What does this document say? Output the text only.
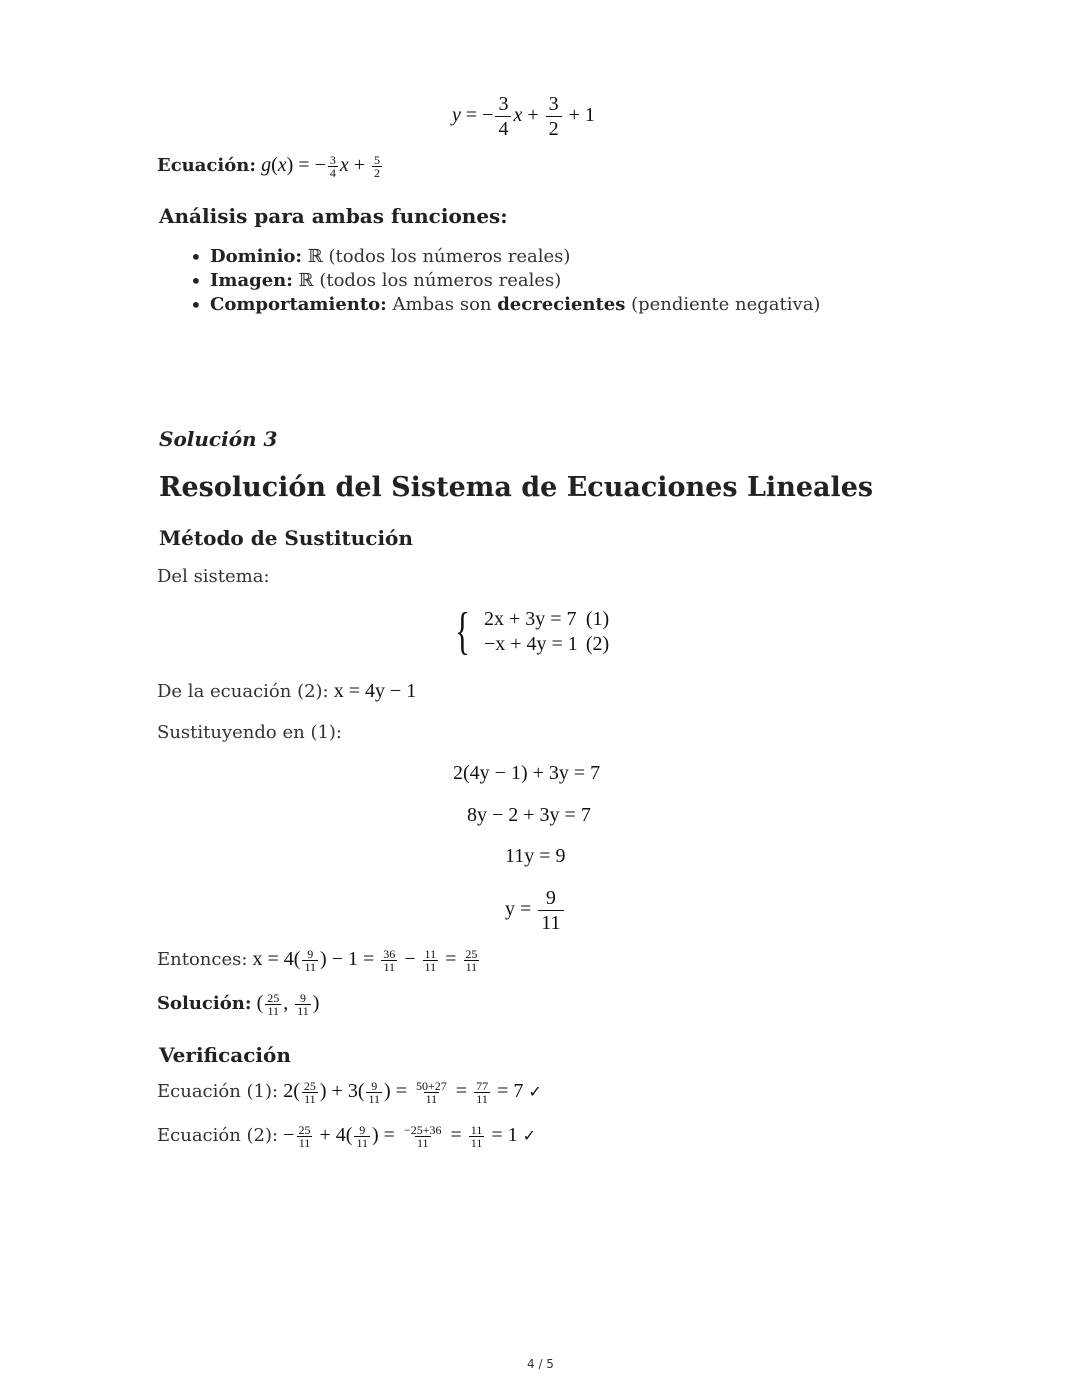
y = − $\frac{3}{4}$ $x + \frac{3}{2} + 1$
Ecuación: g(x) = − $\frac{3}{4}$ $x + \frac{5}{2}$
Análisis para ambas funciones:
• Dominio: ℝ (todos los números reales)
• Imagen: ℝ (todos los números reales)
• Comportamiento: Ambas son decrecientes (pendiente negativa)
Solución 3
Resolución del Sistema de Ecuaciones Lineales
Método de Sustitución
Del sistema:
{ 2x + 3y = 7	(1)
−x + 4y = 1	(2)
De la ecuación (2): x = 4y − 1
Sustituyendo en (1):
2(4y − 1) + 3y = 7
8y − 2 + 3y = 7
11y = 9
$y = \frac{9}{11}$
Entonces: $x = 4( \frac{9}{11}$ ) − $1 = \frac{36}{11} - \frac{11}{11} = \frac{25}{11}$
Solución: ( $\frac{25}{11}$ , $\frac{9}{11}$ )
Verificación
Ecuación (1): $2( \frac{25}{11}$ ) + $3( \frac{9}{11}$ ) = $\frac{50+27}{11} = \frac{77}{11} = 7$ ✓
Ecuación (2): − $\frac{25}{11} + 4( \frac{9}{11}$ ) = $\frac{-25+36}{11} = \frac{11}{11} = 1$ ✓
4 / 5
